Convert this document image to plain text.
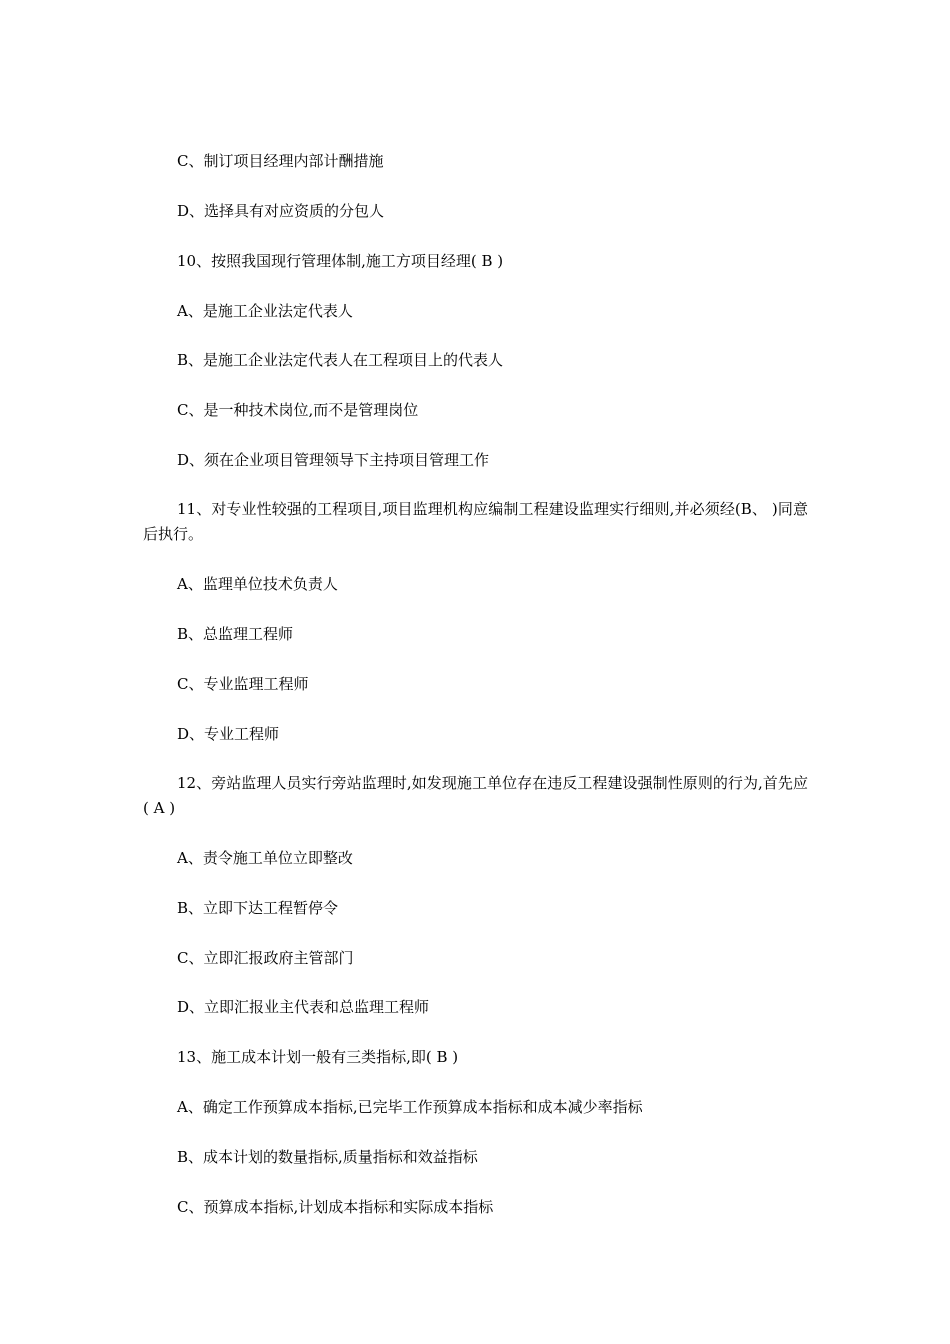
C、制订项目经理内部计酬措施
D、选择具有对应资质的分包人
10、按照我国现行管理体制,施工方项目经理( B )
A、是施工企业法定代表人
B、是施工企业法定代表人在工程项目上的代表人
C、是一种技术岗位,而不是管理岗位
D、须在企业项目管理领导下主持项目管理工作
11、对专业性较强的工程项目,项目监理机构应编制工程建设监理实行细则,并必须经(B、 )同意后执行。
A、监理单位技术负责人
B、总监理工程师
C、专业监理工程师
D、专业工程师
12、旁站监理人员实行旁站监理时,如发现施工单位存在违反工程建设强制性原则的行为,首先应( A )
A、责令施工单位立即整改
B、立即下达工程暂停令
C、立即汇报政府主管部门
D、立即汇报业主代表和总监理工程师
13、施工成本计划一般有三类指标,即( B )
A、确定工作预算成本指标,已完毕工作预算成本指标和成本减少率指标
B、成本计划的数量指标,质量指标和效益指标
C、预算成本指标,计划成本指标和实际成本指标
